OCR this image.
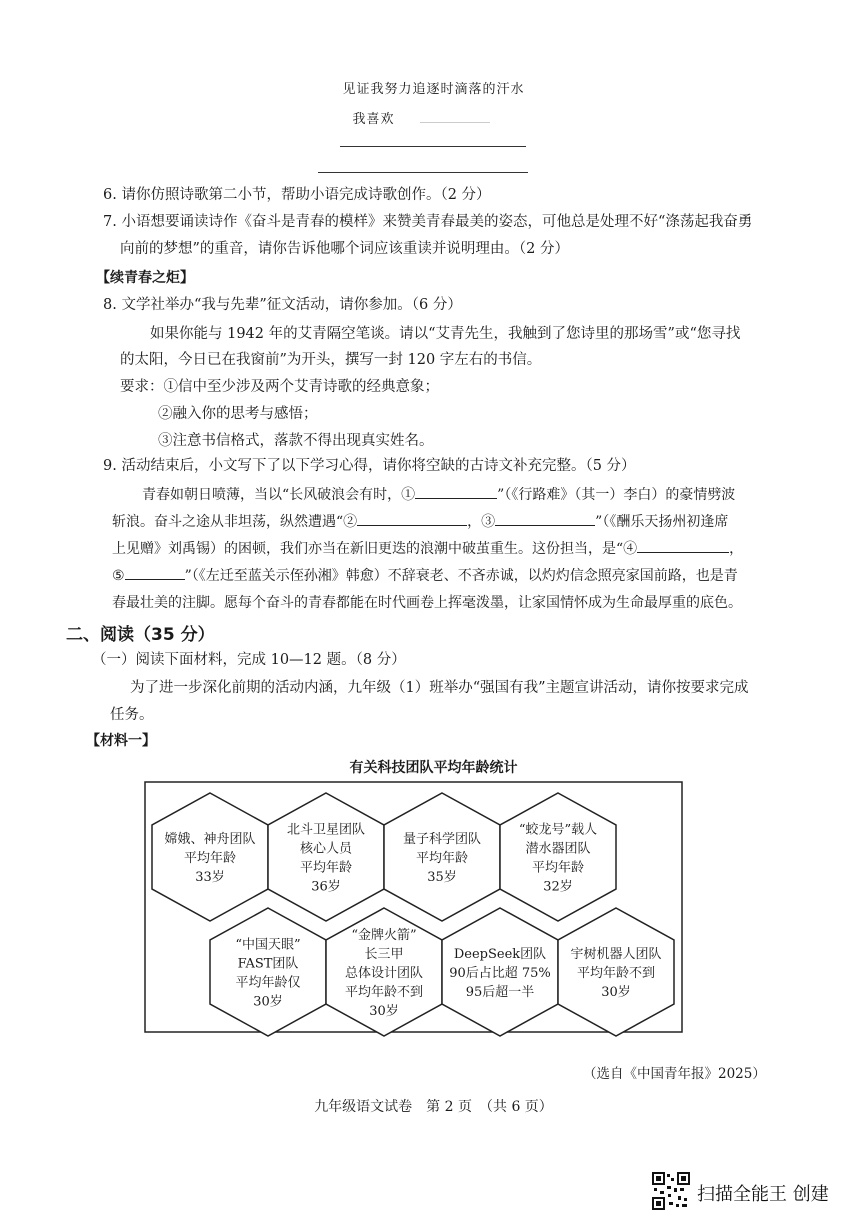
见证我努力追逐时滴落的汗水
我喜欢
6. 请你仿照诗歌第二小节，帮助小语完成诗歌创作。（2 分）
7. 小语想要诵读诗作《奋斗是青春的模样》来赞美青春最美的姿态，可他总是处理不好“涤荡起我奋勇
向前的梦想”的重音，请你告诉他哪个词应该重读并说明理由。（2 分）
【续青春之炬】
8. 文学社举办“我与先辈”征文活动，请你参加。（6 分）
如果你能与 1942 年的艾青隔空笔谈。请以“艾青先生，我触到了您诗里的那场雪”或“您寻找
的太阳，今日已在我窗前”为开头，撰写一封 120 字左右的书信。
要求：①信中至少涉及两个艾青诗歌的经典意象；
②融入你的思考与感悟；
③注意书信格式，落款不得出现真实姓名。
9. 活动结束后，小文写下了以下学习心得，请你将空缺的古诗文补充完整。（5 分）
青春如朝日喷薄，当以“长风破浪会有时，①	”（《行路难》（其一）李白）的豪情劈波
斩浪。奋斗之途从非坦荡，纵然遭遇“②	，③	”（《酬乐天扬州初逢席
上见赠》刘禹锡）的困顿，我们亦当在新旧更迭的浪潮中破茧重生。这份担当，是“④	，
⑤	”（《左迁至蓝关示侄孙湘》韩愈）不辞衰老、不吝赤诚，以灼灼信念照亮家国前路，也是青
春最壮美的注脚。愿每个奋斗的青春都能在时代画卷上挥毫泼墨，让家国情怀成为生命最厚重的底色。
二、阅读（35 分）
（一）阅读下面材料，完成 10—12 题。（8 分）
为了进一步深化前期的活动内涵，九年级（1）班举办“强国有我”主题宣讲活动，请你按要求完成
任务。
【材料一】
有关科技团队平均年龄统计
嫦娥、神舟团队
平均年龄
33岁
北斗卫星团队
核心人员
平均年龄
36岁
量子科学团队
平均年龄
35岁
“蛟龙号”载人
潜水器团队
平均年龄
32岁
“中国天眼”
FAST团队
平均年龄仅
30岁
“金牌火箭”
长三甲
总体设计团队
平均年龄不到
30岁
DeepSeek团队
90后占比超 75%
95后超一半
宇树机器人团队
平均年龄不到
30岁
（选自《中国青年报》2025）
九年级语文试卷　第 2 页　（共 6 页）
扫描全能王 创建
